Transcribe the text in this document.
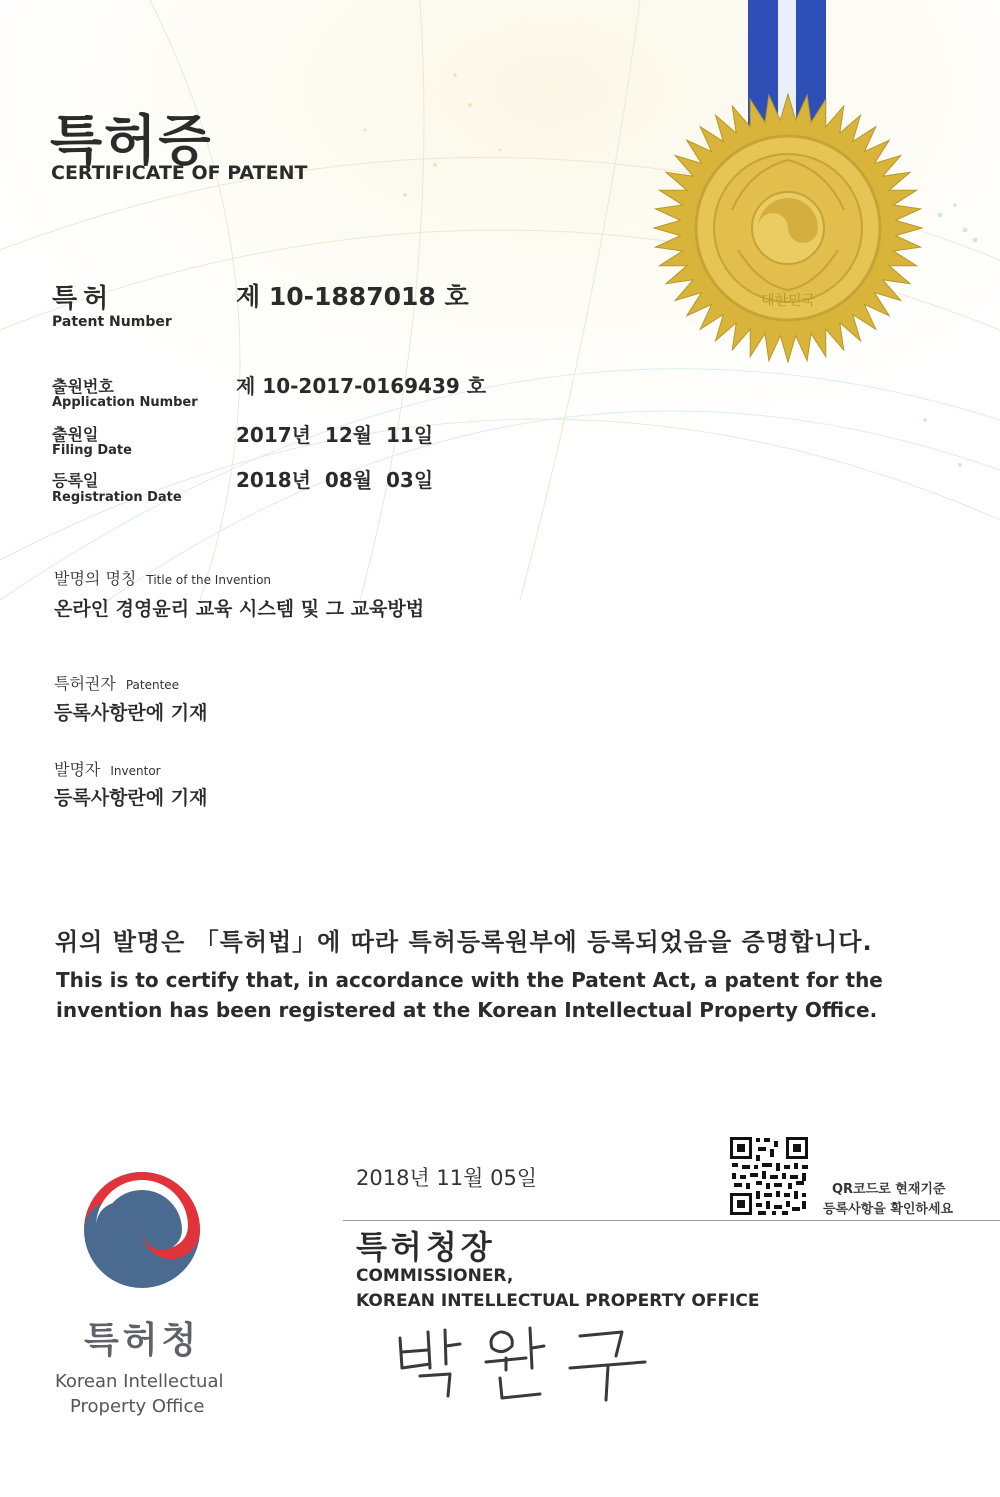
대한민국
특허증
CERTIFICATE OF PATENT
특허
Patent Number
제 10-1887018 호
출원번호
Application Number
제 10-2017-0169439 호
출원일
Filing Date
2017년  12월  11일
등록일
Registration Date
2018년  08월  03일
발명의 명칭 Title of the Invention
온라인 경영윤리 교육 시스템 및 그 교육방법
특허권자 Patentee
등록사항란에 기재
발명자 Inventor
등록사항란에 기재
위의 발명은 「특허법」에 따라 특허등록원부에 등록되었음을 증명합니다.
This is to certify that, in accordance with the Patent Act, a patent for the invention has been registered at the Korean Intellectual Property Office.
2018년 11월 05일
특허청장
COMMISSIONER,
KOREAN INTELLECTUAL PROPERTY OFFICE
QR코드로 현재기준
등록사항을 확인하세요
특허청
Korean Intellectual
Property Office
